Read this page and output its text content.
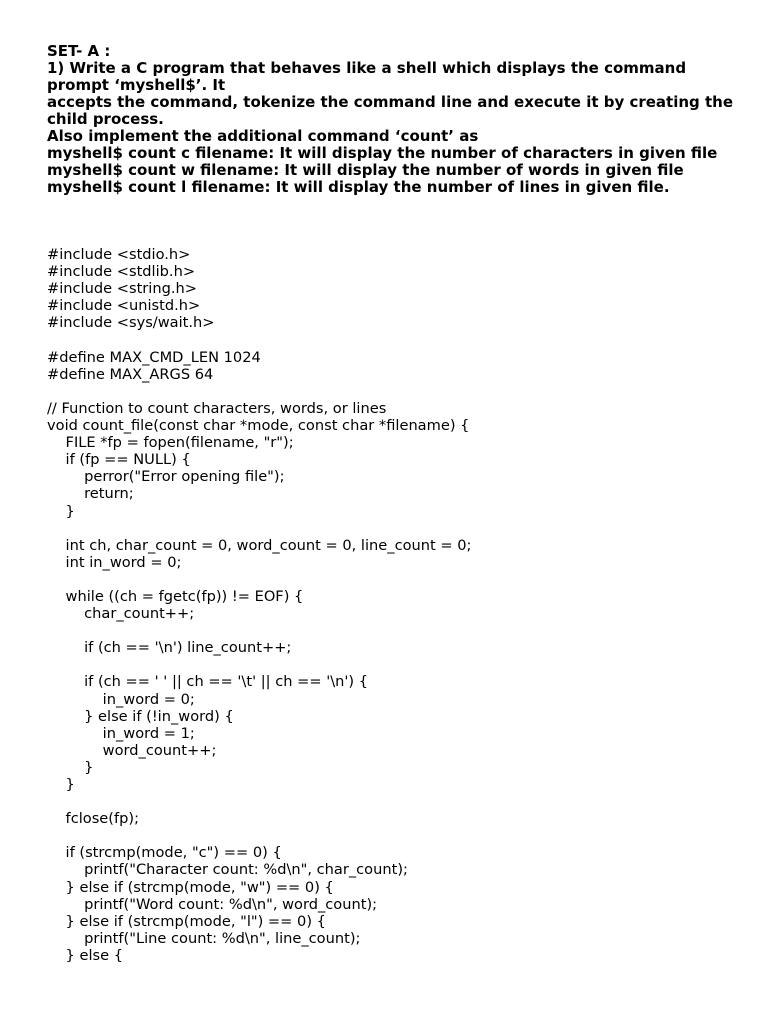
SET- A :
1) Write a C program that behaves like a shell which displays the command prompt ‘myshell$’. It
accepts the command, tokenize the command line and execute it by creating the child process.
Also implement the additional command ‘count’ as
myshell$ count c filename: It will display the number of characters in given file
myshell$ count w filename: It will display the number of words in given file
myshell$ count l filename: It will display the number of lines in given file.
#include <stdio.h>
#include <stdlib.h>
#include <string.h>
#include <unistd.h>
#include <sys/wait.h>
#define MAX_CMD_LEN 1024
#define MAX_ARGS 64
// Function to count characters, words, or lines
void count_file(const char *mode, const char *filename) {
FILE *fp = fopen(filename, "r");
if (fp == NULL) {
perror("Error opening file");
return;
}
int ch, char_count = 0, word_count = 0, line_count = 0;
int in_word = 0;
while ((ch = fgetc(fp)) != EOF) {
char_count++;
if (ch == '\n') line_count++;
if (ch == ' ' || ch == '\t' || ch == '\n') {
in_word = 0;
} else if (!in_word) {
in_word = 1;
word_count++;
}
}
fclose(fp);
if (strcmp(mode, "c") == 0) {
printf("Character count: %d\n", char_count);
} else if (strcmp(mode, "w") == 0) {
printf("Word count: %d\n", word_count);
} else if (strcmp(mode, "l") == 0) {
printf("Line count: %d\n", line_count);
} else {
